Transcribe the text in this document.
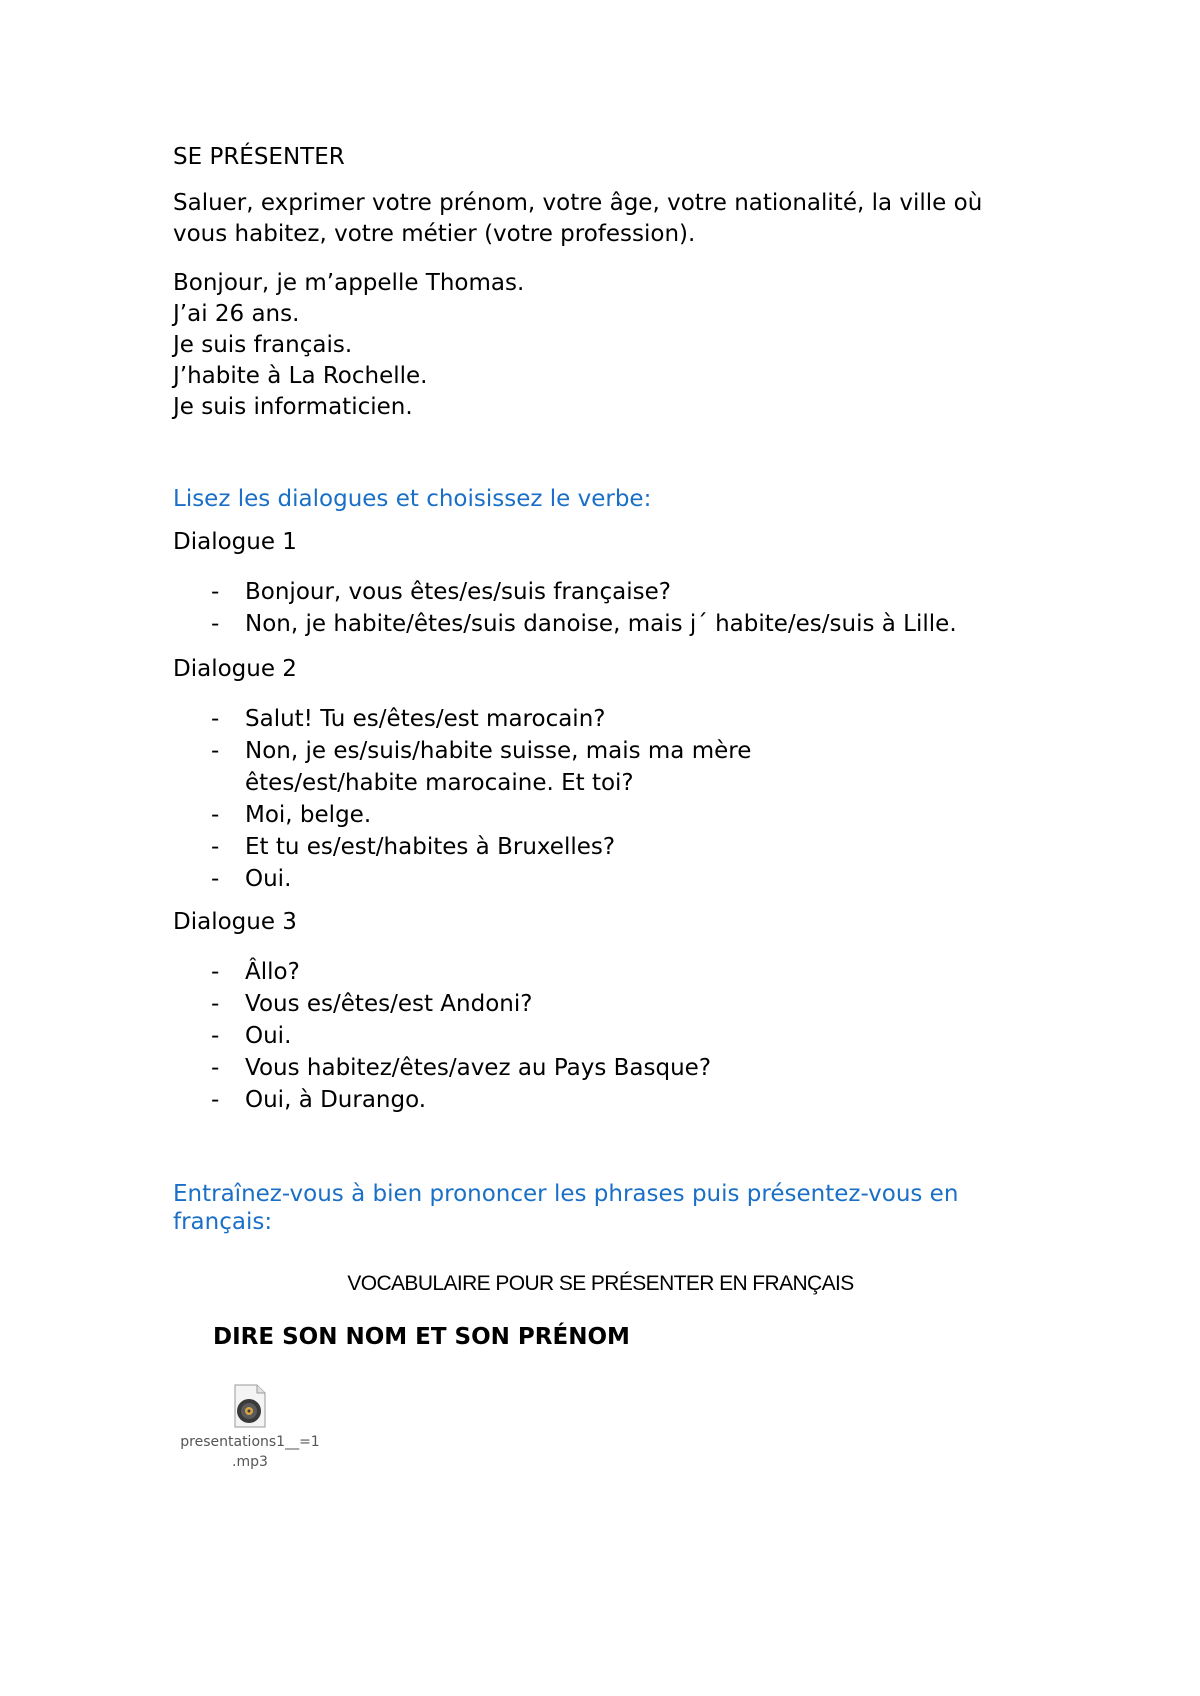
SE PRÉSENTER
Saluer, exprimer votre prénom, votre âge, votre nationalité, la ville où vous habitez, votre métier (votre profession).
Bonjour, je m’appelle Thomas.
J’ai 26 ans.
Je suis français.
J’habite à La Rochelle.
Je suis informaticien.
Lisez les dialogues et choisissez le verbe:
Dialogue 1
- Bonjour, vous êtes/es/suis française?
- Non, je habite/êtes/suis danoise, mais j´ habite/es/suis à Lille.
Dialogue 2
- Salut! Tu es/êtes/est marocain?
- Non, je es/suis/habite suisse, mais ma mère êtes/est/habite marocaine. Et toi?
- Moi, belge.
- Et tu es/est/habites à Bruxelles?
- Oui.
Dialogue 3
- Âllo?
- Vous es/êtes/est Andoni?
- Oui.
- Vous habitez/êtes/avez au Pays Basque?
- Oui, à Durango.
Entraînez-vous à bien prononcer les phrases puis présentez-vous en français:
VOCABULAIRE POUR SE PRÉSENTER EN FRANÇAIS
DIRE SON NOM ET SON PRÉNOM
presentations1__=1
.mp3
